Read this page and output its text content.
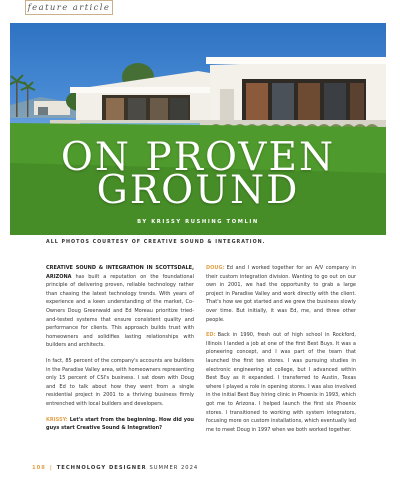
feature article
ON PROVEN
GROUND
BY KRISSY RUSHING TOMLIN
ALL PHOTOS COURTESY OF CREATIVE SOUND & INTEGRATION.

CREATIVE SOUND & INTEGRATION IN SCOTTSDALE, ARIZONA has built a reputation on the foundational principle of delivering proven, reliable technology rather than chasing the latest technology trends. With years of experience and a keen understanding of the market, Co-Owners Doug Greenwald and Ed Moreau prioritize tried-and-tested systems that ensure consistent quality and performance for clients. This approach builds trust with homeowners and solidifies lasting relationships with builders and architects.

In fact, 85 percent of the company's accounts are builders in the Paradise Valley area, with homeowners representing only 15 percent of CSI's business. I sat down with Doug and Ed to talk about how they went from a single residential project in 2001 to a thriving business firmly entrenched with local builders and developers.

KRISSY: Let's start from the beginning. How did you guys start Creative Sound & Integration?

DOUG: Ed and I worked together for an A/V company in their custom integration division. Wanting to go out on our own in 2001, we had the opportunity to grab a large project in Paradise Valley and work directly with the client. That's how we got started and we grew the business slowly over time. But initially, it was Ed, me, and three other people.

ED: Back in 1990, fresh out of high school in Rockford, Illinois I landed a job at one of the first Best Buys. It was a pioneering concept, and I was part of the team that launched the first ten stores. I was pursuing studies in electronic engineering at college, but I advanced within Best Buy as it expanded. I transferred to Austin, Texas where I played a role in opening stores. I was also involved in the initial Best Buy hiring clinic in Phoenix in 1993, which got me to Arizona. I helped launch the first six Phoenix stores. I transitioned to working with system integrators, focusing more on custom installations, which eventually led me to meet Doug in 1997 when we both worked together.

108 | TECHNOLOGY DESIGNER SUMMER 2024
